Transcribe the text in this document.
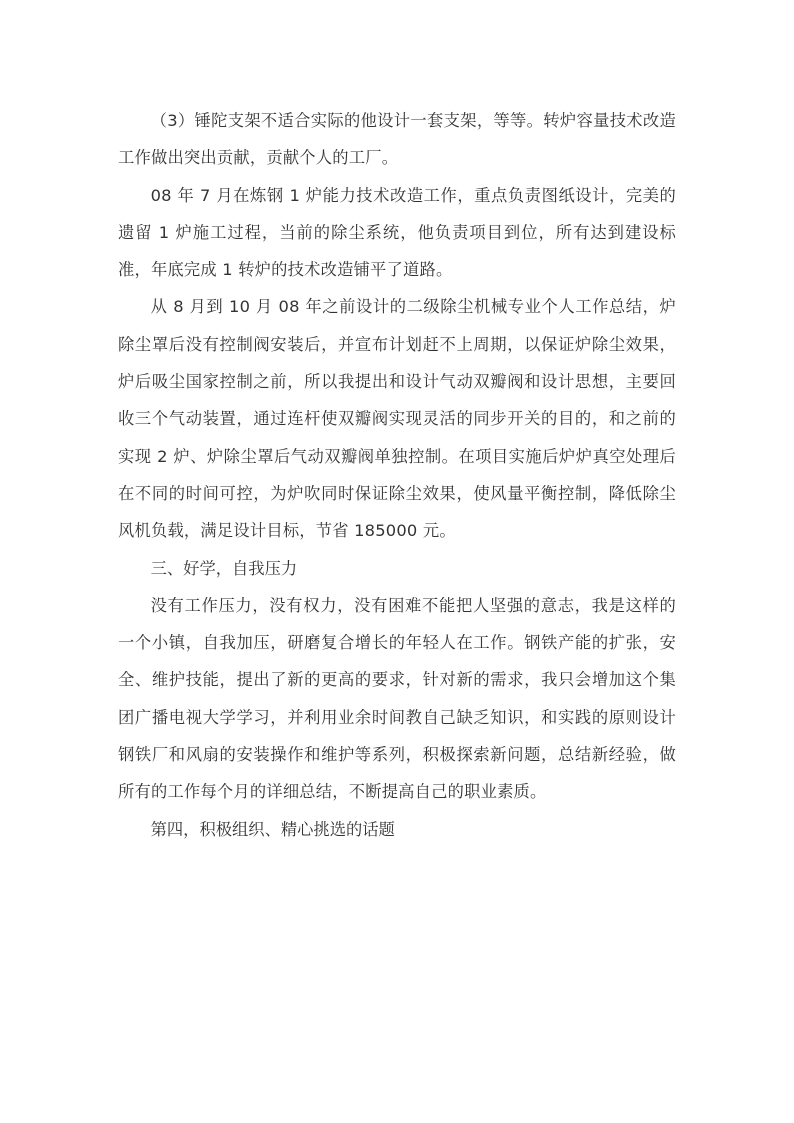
（3）锤陀支架不适合实际的他设计一套支架，等等。转炉容量技术改造工作做出突出贡献，贡献个人的工厂。

08 年 7 月在炼钢 1 炉能力技术改造工作，重点负责图纸设计，完美的遗留 1 炉施工过程，当前的除尘系统，他负责项目到位，所有达到建设标准，年底完成 1 转炉的技术改造铺平了道路。

从 8 月到 10 月 08 年之前设计的二级除尘机械专业个人工作总结，炉除尘罩后没有控制阀安装后，并宣布计划赶不上周期，以保证炉除尘效果，炉后吸尘国家控制之前，所以我提出和设计气动双瓣阀和设计思想，主要回收三个气动装置，通过连杆使双瓣阀实现灵活的同步开关的目的，和之前的实现 2 炉、炉除尘罩后气动双瓣阀单独控制。在项目实施后炉炉真空处理后在不同的时间可控，为炉吹同时保证除尘效果，使风量平衡控制，降低除尘风机负载，满足设计目标，节省 185000 元。

三、好学，自我压力

没有工作压力，没有权力，没有困难不能把人坚强的意志，我是这样的一个小镇，自我加压，研磨复合增长的年轻人在工作。钢铁产能的扩张，安全、维护技能，提出了新的更高的要求，针对新的需求，我只会增加这个集团广播电视大学学习，并利用业余时间教自己缺乏知识，和实践的原则设计钢铁厂和风扇的安装操作和维护等系列，积极探索新问题，总结新经验，做所有的工作每个月的详细总结，不断提高自己的职业素质。

第四，积极组织、精心挑选的话题
